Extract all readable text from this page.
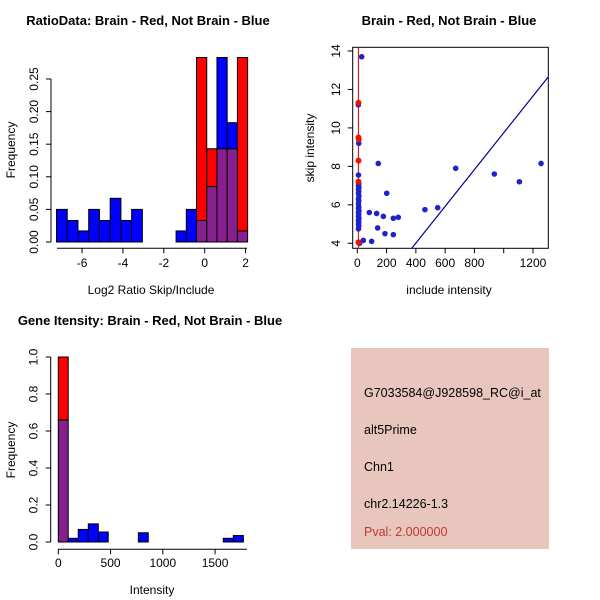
-6	-4	-2	0	2
0.00
0.05
0.10
0.15
0.20
0.25
0 200 400 600 800	1200
4
6
8
10
12
14
0	500 1000 1500
0.0
0.2
0.4
0.6
0.8
1.0
RatioData: Brain - Red, Not Brain - Blue	Brain - Red, Not Brain - Blue
Gene Itensity: Brain - Red, Not Brain - Blue
Log2 Ratio Skip/Include	include intensity
Intensity
Frequency	skip intensity
Frequency
G7033584@J928598_RC@i_at
alt5Prime
Chn1
chr2.14226-1.3
Pval: 2.000000
